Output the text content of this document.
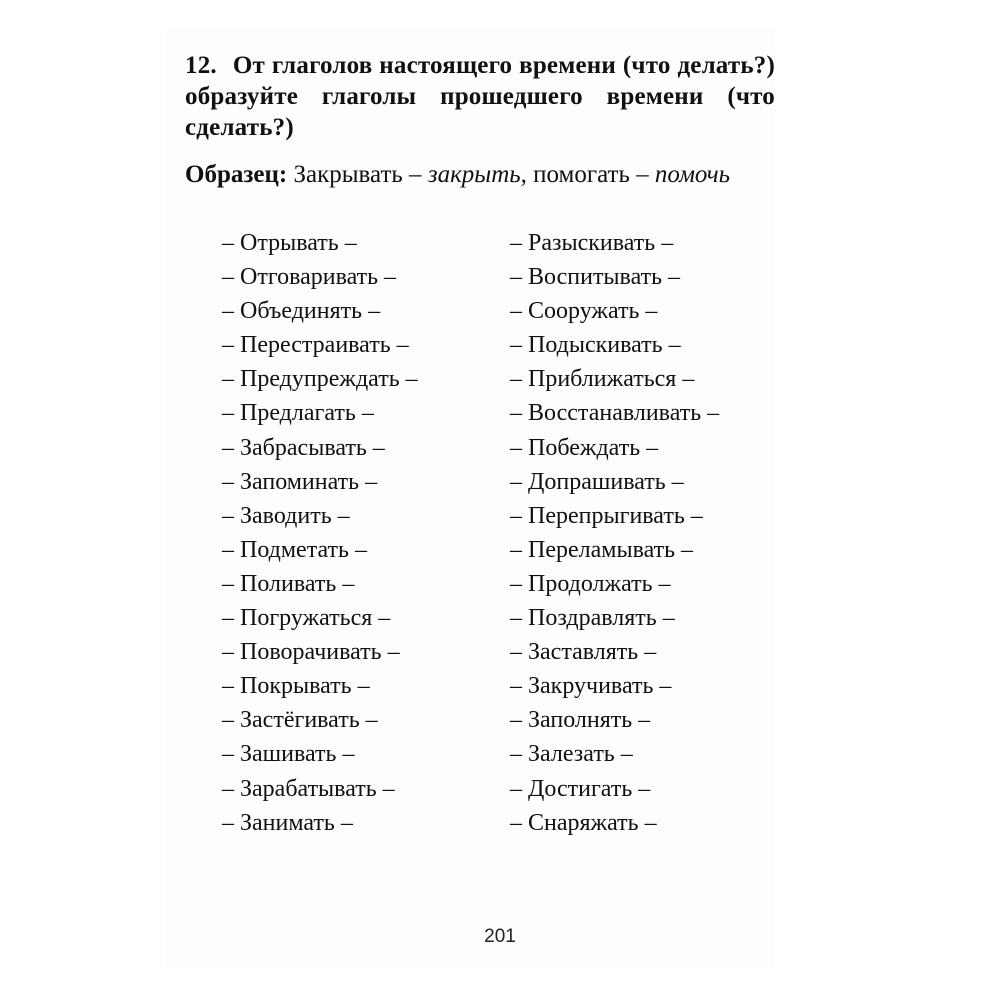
12. От глаголов настоящего времени (что делать?) образуйте глаголы прошедшего времени (что сделать?)
Образец: Закрывать – закрыть, помогать – помочь
– Отрывать –
– Отговаривать –
– Объединять –
– Перестраивать –
– Предупреждать –
– Предлагать –
– Забрасывать –
– Запоминать –
– Заводить –
– Подметать –
– Поливать –
– Погружаться –
– Поворачивать –
– Покрывать –
– Застёгивать –
– Зашивать –
– Зарабатывать –
– Занимать –
– Разыскивать –
– Воспитывать –
– Сооружать –
– Подыскивать –
– Приближаться –
– Восстанавливать –
– Побеждать –
– Допрашивать –
– Перепрыгивать –
– Переламывать –
– Продолжать –
– Поздравлять –
– Заставлять –
– Закручивать –
– Заполнять –
– Залезать –
– Достигать –
– Снаряжать –
201
